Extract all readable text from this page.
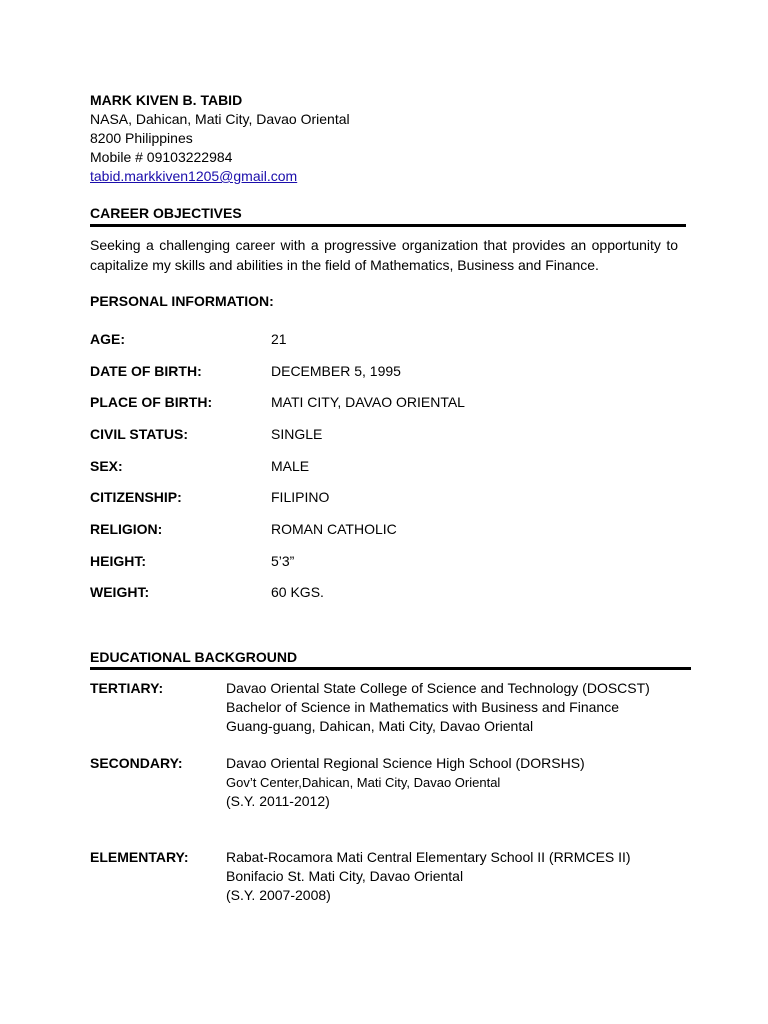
MARK KIVEN B. TABID
NASA, Dahican, Mati City, Davao Oriental
8200 Philippines
Mobile # 09103222984
tabid.markkiven1205@gmail.com
CAREER OBJECTIVES
Seeking a challenging career with a progressive organization that provides an opportunity to capitalize my skills and abilities in the field of Mathematics, Business and Finance.
PERSONAL INFORMATION:
AGE:	21
DATE OF BIRTH:	DECEMBER 5, 1995
PLACE OF BIRTH:	MATI CITY, DAVAO ORIENTAL
CIVIL STATUS:	SINGLE
SEX:	MALE
CITIZENSHIP:	FILIPINO
RELIGION:	ROMAN CATHOLIC
HEIGHT:	5’3”
WEIGHT:	60 KGS.
EDUCATIONAL BACKGROUND
TERTIARY:	Davao Oriental State College of Science and Technology (DOSCST)
Bachelor of Science in Mathematics with Business and Finance
Guang-guang, Dahican, Mati City, Davao Oriental
SECONDARY:	Davao Oriental Regional Science High School (DORSHS)
Gov’t Center,Dahican, Mati City, Davao Oriental
(S.Y. 2011-2012)
ELEMENTARY:	Rabat-Rocamora Mati Central Elementary School II (RRMCES II)
Bonifacio St. Mati City, Davao Oriental
(S.Y. 2007-2008)
